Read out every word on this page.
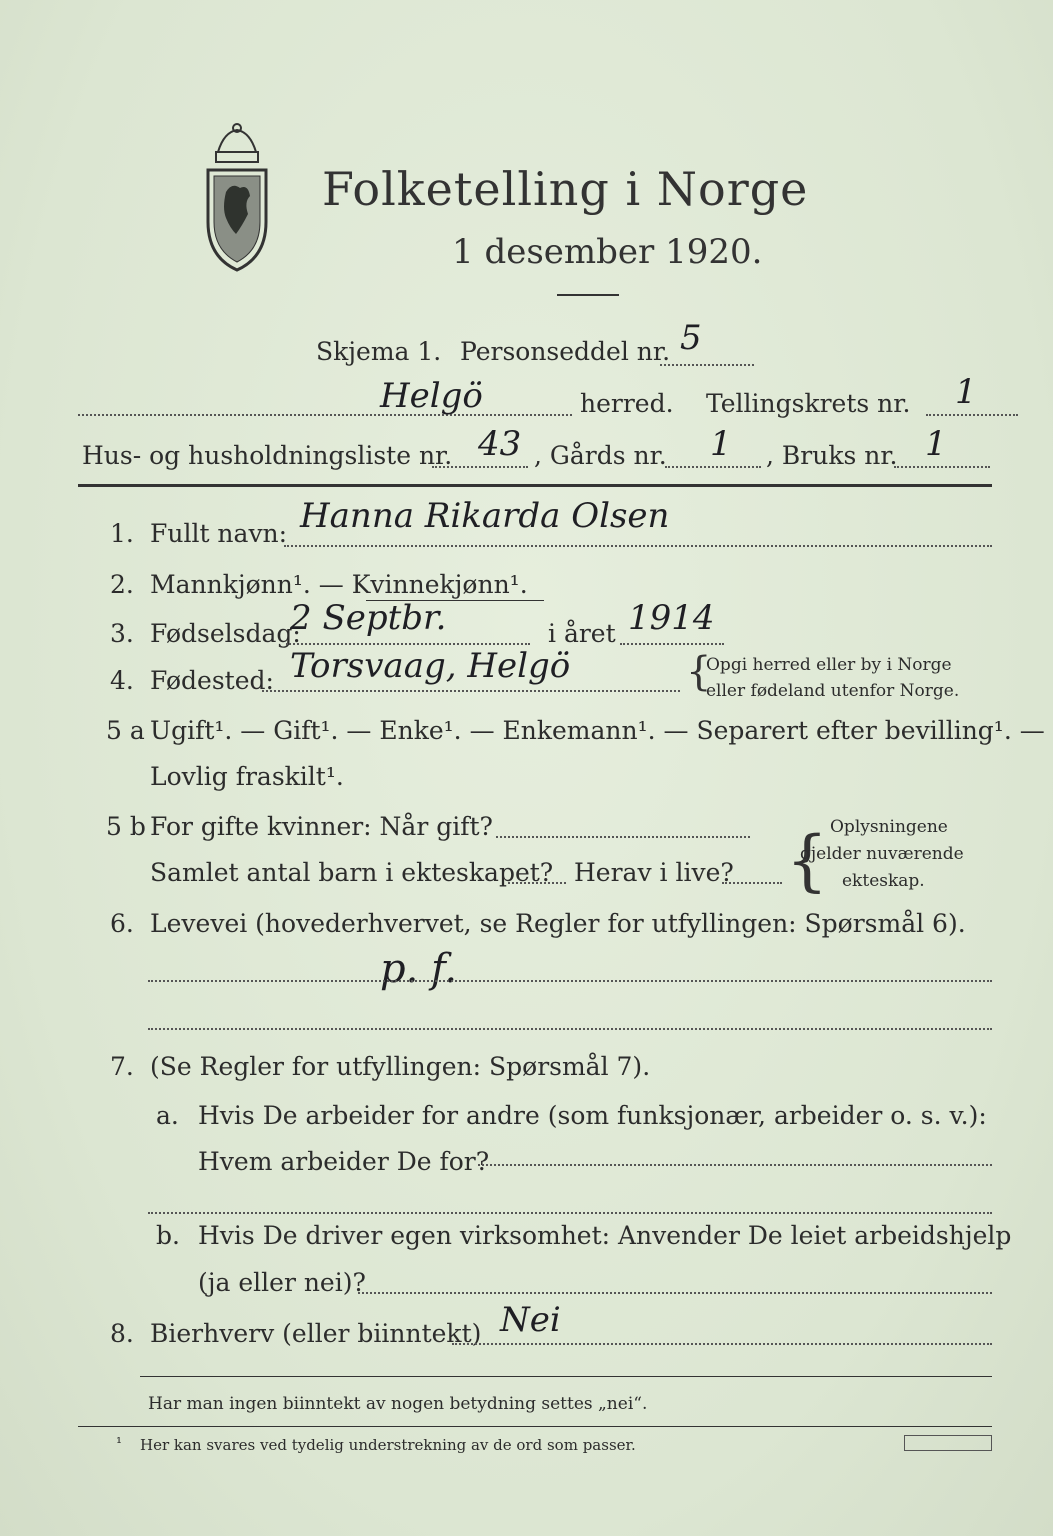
Folketelling i Norge
1 desember 1920.
Skjema 1. Personseddel nr. 5
Helgö	herred. Tellingskrets nr. 1
Hus- og husholdningsliste nr. 43 , Gårds nr. 1 , Bruks nr. 1
1. Fullt navn: Hanna Rikarda Olsen
2. Mannkjønn¹. — Kvinnekjønn¹.
3. Fødselsdag:
2 Septbr.	i året 1914
4. Fødested: Torsvaag, Helgö	{
Opgi herred eller by i Norge
eller fødeland utenfor Norge.
5 a Ugift¹. — Gift¹. — Enke¹. — Enkemann¹. — Separert efter bevilling¹. —
Lovlig fraskilt¹.
5 b For gifte kvinner: Når gift?
Samlet antal barn i ekteskapet? Herav i live? { Oplysningene
gjelder nuværende
ekteskap.
6. Levevei (hovederhvervet, se Regler for utfyllingen: Spørsmål 6).
p. f.
7. (Se Regler for utfyllingen: Spørsmål 7).
a. Hvis De arbeider for andre (som funksjonær, arbeider o. s. v.):
Hvem arbeider De for?
b. Hvis De driver egen virksomhet: Anvender De leiet arbeidshjelp
(ja eller nei)?
8. Bierhverv (eller biinntekt) Nei
Har man ingen biinntekt av nogen betydning settes „nei“.
¹ Her kan svares ved tydelig understrekning av de ord som passer.
